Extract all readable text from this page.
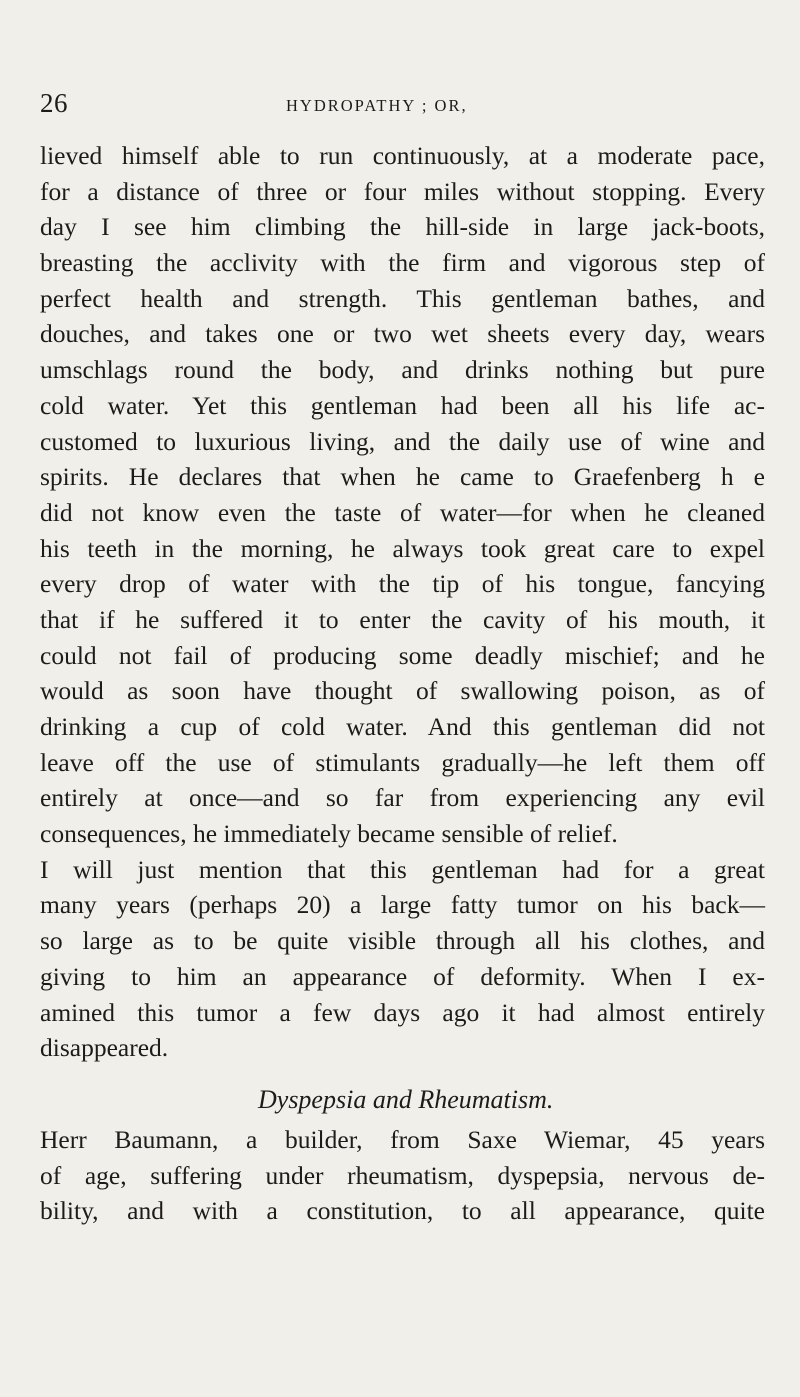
26	HYDROPATHY ; OR,
lieved himself able to run continuously, at a moderate pace,
for a distance of three or four miles without stopping. Every
day I see him climbing the hill-side in large jack-boots,
breasting the acclivity with the firm and vigorous step of
perfect health and strength. This gentleman bathes, and
douches, and takes one or two wet sheets every day, wears
umschlags round the body, and drinks nothing but pure
cold water. Yet this gentleman had been all his life ac-
customed to luxurious living, and the daily use of wine and
spirits. He declares that when he came to Graefenberg h e
did not know even the taste of water—for when he cleaned
his teeth in the morning, he always took great care to expel
every drop of water with the tip of his tongue, fancying
that if he suffered it to enter the cavity of his mouth, it
could not fail of producing some deadly mischief; and he
would as soon have thought of swallowing poison, as of
drinking a cup of cold water. And this gentleman did not
leave off the use of stimulants gradually—he left them off
entirely at once—and so far from experiencing any evil
consequences, he immediately became sensible of relief.
I will just mention that this gentleman had for a great
many years (perhaps 20) a large fatty tumor on his back—
so large as to be quite visible through all his clothes, and
giving to him an appearance of deformity. When I ex-
amined this tumor a few days ago it had almost entirely
disappeared.
Dyspepsia and Rheumatism.
Herr Baumann, a builder, from Saxe Wiemar, 45 years
of age, suffering under rheumatism, dyspepsia, nervous de-
bility, and with a constitution, to all appearance, quite
